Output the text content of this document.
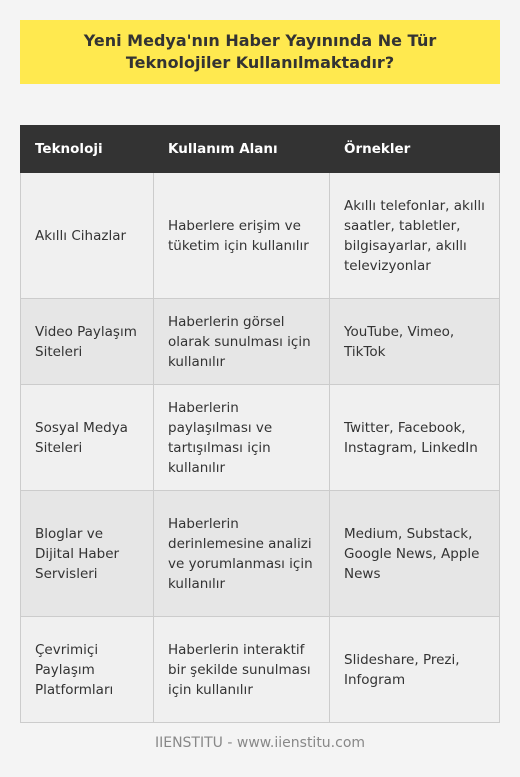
Yeni Medya'nın Haber Yayınında Ne Tür Teknolojiler Kullanılmaktadır?
Teknoloji	Kullanım Alanı	Örnekler
Akıllı Cihazlar	Haberlere erişim ve tüketim için kullanılır	Akıllı telefonlar, akıllı saatler, tabletler, bilgisayarlar, akıllı televizyonlar
Video Paylaşım Siteleri	Haberlerin görsel olarak sunulması için kullanılır	YouTube, Vimeo, TikTok
Sosyal Medya Siteleri	Haberlerin paylaşılması ve tartışılması için kullanılır	Twitter, Facebook, Instagram, LinkedIn
Bloglar ve Dijital Haber Servisleri	Haberlerin derinlemesine analizi ve yorumlanması için kullanılır	Medium, Substack, Google News, Apple News
Çevrimiçi Paylaşım Platformları	Haberlerin interaktif bir şekilde sunulması için kullanılır	Slideshare, Prezi, Infogram
IIENSTITU - www.iienstitu.com
